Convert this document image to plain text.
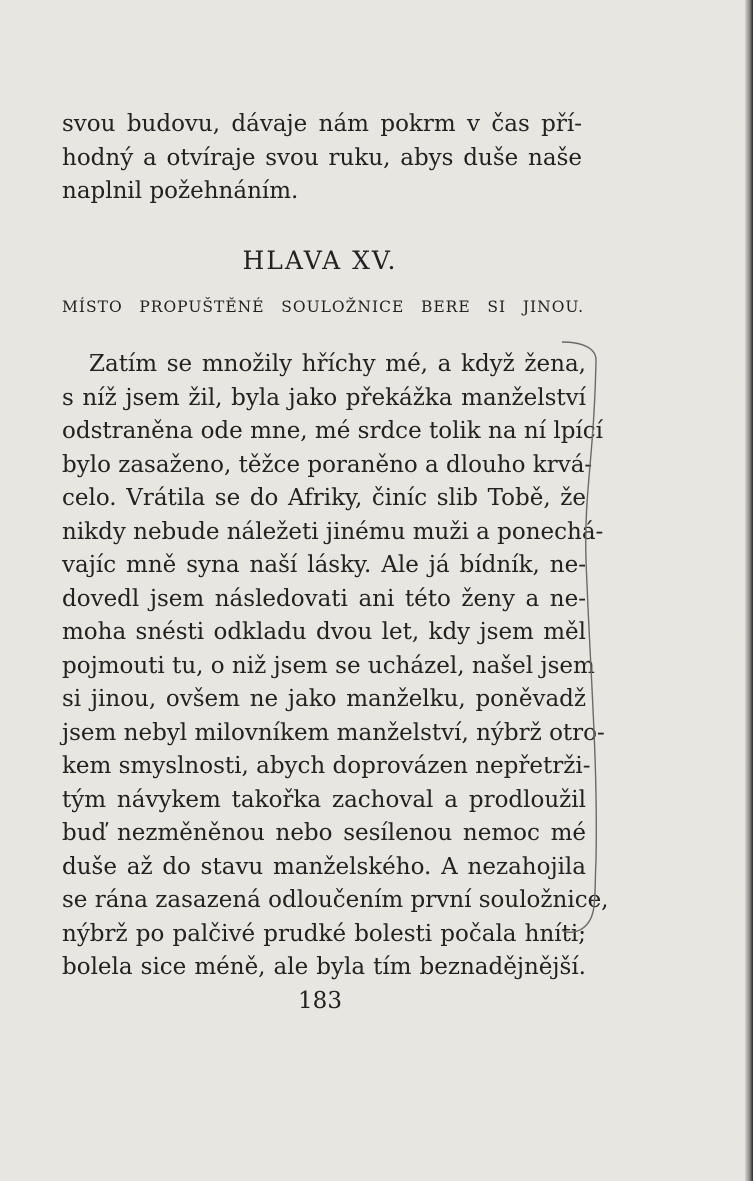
svou budovu, dávaje nám pokrm v čas pří-
hodný a otvíraje svou ruku, abys duše naše
naplnil požehnáním.
HLAVA XV.
MÍSTO PROPUŠTĚNÉ SOULOŽNICE BERE SI JINOU.
Zatím se množily hříchy mé, a když žena,
s níž jsem žil, byla jako překážka manželství
odstraněna ode mne, mé srdce tolik na ní lpící
bylo zasaženo, těžce poraněno a dlouho krvá-
celo. Vrátila se do Afriky, činíc slib Tobě, že
nikdy nebude náležeti jinému muži a ponechá-
vajíc mně syna naší lásky. Ale já bídník, ne-
dovedl jsem následovati ani této ženy a ne-
moha snésti odkladu dvou let, kdy jsem měl
pojmouti tu, o niž jsem se ucházel, našel jsem
si jinou, ovšem ne jako manželku, poněvadž
jsem nebyl milovníkem manželství, nýbrž otro-
kem smyslnosti, abych doprovázen nepřetrži-
tým návykem takořka zachoval a prodloužil
buď nezměněnou nebo sesílenou nemoc mé
duše až do stavu manželského. A nezahojila
se rána zasazená odloučením první souložnice,
nýbrž po palčivé prudké bolesti počala hníti;
bolela sice méně, ale byla tím beznadějnější.
183
